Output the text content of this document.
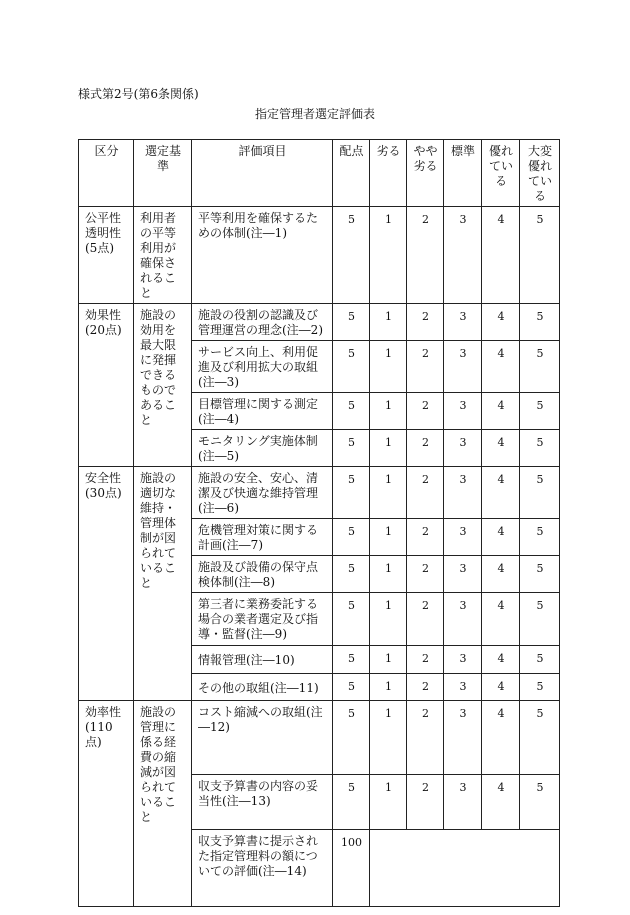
様式第2号(第6条関係)
指定管理者選定評価表
区分	選定基準	評価項目	配点	劣る	やや劣る	標準	優れている	大変優れている
公平性透明性(5点)	利用者の平等利用が確保されること	平等利用を確保するための体制(注―1)	5	1	2	3	4	5
効果性(20点)	施設の効用を最大限に発揮できるものであること	施設の役割の認識及び管理運営の理念(注―2)	5	1	2	3	4	5
		サービス向上、利用促進及び利用拡大の取組(注―3)	5	1	2	3	4	5
		目標管理に関する測定(注―4)	5	1	2	3	4	5
		モニタリング実施体制(注―5)	5	1	2	3	4	5
安全性(30点)	施設の適切な維持・管理体制が図られていること	施設の安全、安心、清潔及び快適な維持管理(注―6)	5	1	2	3	4	5
		危機管理対策に関する計画(注―7)	5	1	2	3	4	5
		施設及び設備の保守点検体制(注―8)	5	1	2	3	4	5
		第三者に業務委託する場合の業者選定及び指導・監督(注―9)	5	1	2	3	4	5
		情報管理(注―10)	5	1	2	3	4	5
		その他の取組(注―11)	5	1	2	3	4	5
効率性(110点)	施設の管理に係る経費の縮減が図られていること	コスト縮減への取組(注―12)	5	1	2	3	4	5
		収支予算書の内容の妥当性(注―13)	5	1	2	3	4	5
		収支予算書に提示された指定管理料の額についての評価(注―14)	100					
